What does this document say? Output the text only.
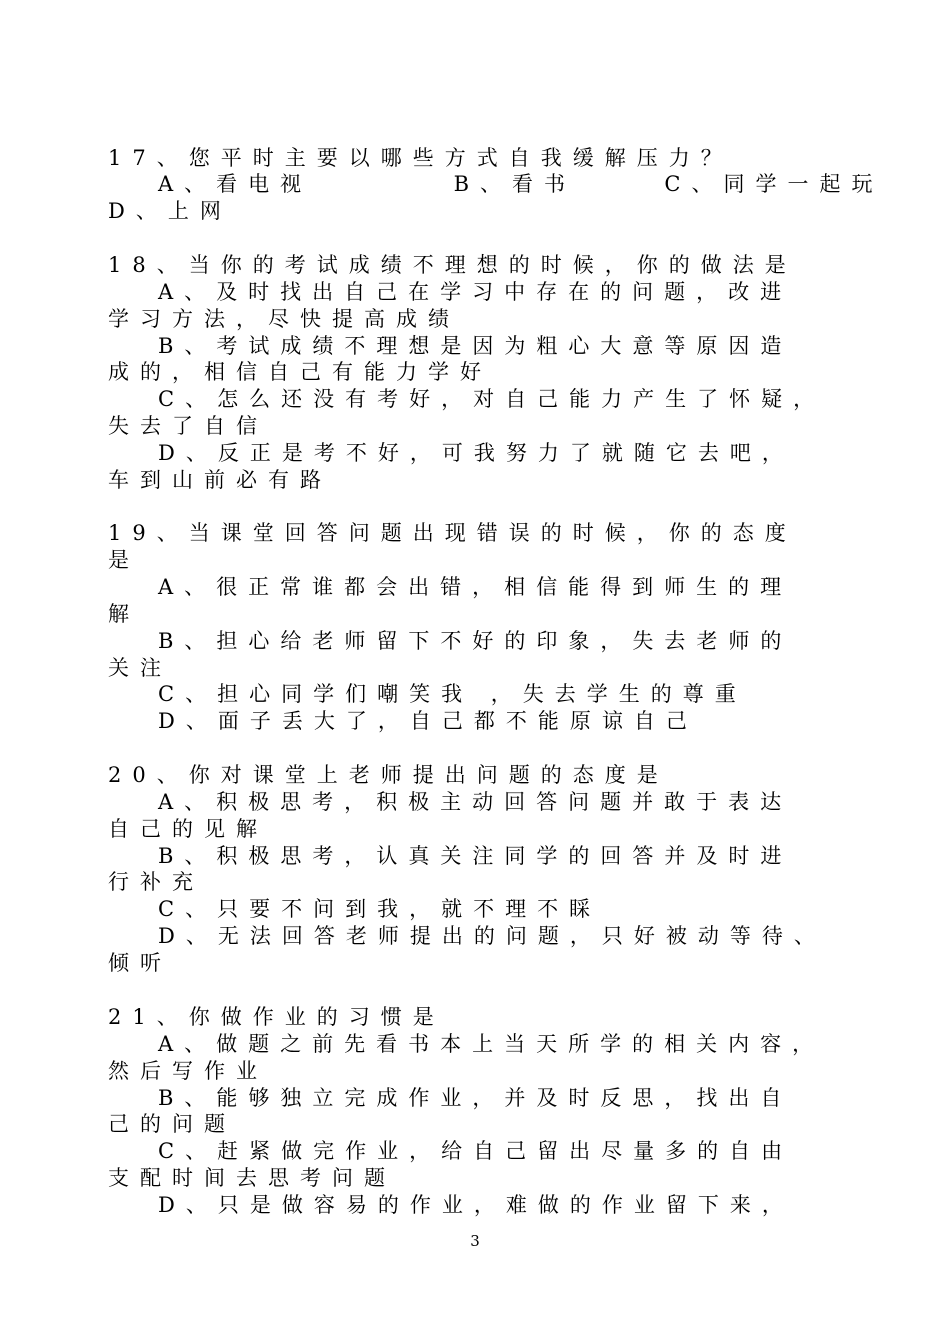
17、您平时主要以哪些方式自我缓解压力？
A、看电视        B、看书     C、同学一起玩
D、上网
18、当你的考试成绩不理想的时候，你的做法是
A、及时找出自己在学习中存在的问题，改进
学习方法，尽快提高成绩
B、考试成绩不理想是因为粗心大意等原因造
成的，相信自己有能力学好
C、怎么还没有考好，对自己能力产生了怀疑，
失去了自信
D、反正是考不好，可我努力了就随它去吧，
车到山前必有路
19、当课堂回答问题出现错误的时候，你的态度
是
A、很正常谁都会出错，相信能得到师生的理
解
B、担心给老师留下不好的印象，失去老师的
关注
C、担心同学们嘲笑我 ，失去学生的尊重
D、面子丢大了，自己都不能原谅自己
20、你对课堂上老师提出问题的态度是
A、积极思考，积极主动回答问题并敢于表达
自己的见解
B、积极思考，认真关注同学的回答并及时进
行补充
C、只要不问到我，就不理不睬
D、无法回答老师提出的问题，只好被动等待、
倾听
21、你做作业的习惯是
A、做题之前先看书本上当天所学的相关内容，
然后写作业
B、能够独立完成作业，并及时反思，找出自
己的问题
C、赶紧做完作业，给自己留出尽量多的自由
支配时间去思考问题
D、只是做容易的作业，难做的作业留下来，
3
